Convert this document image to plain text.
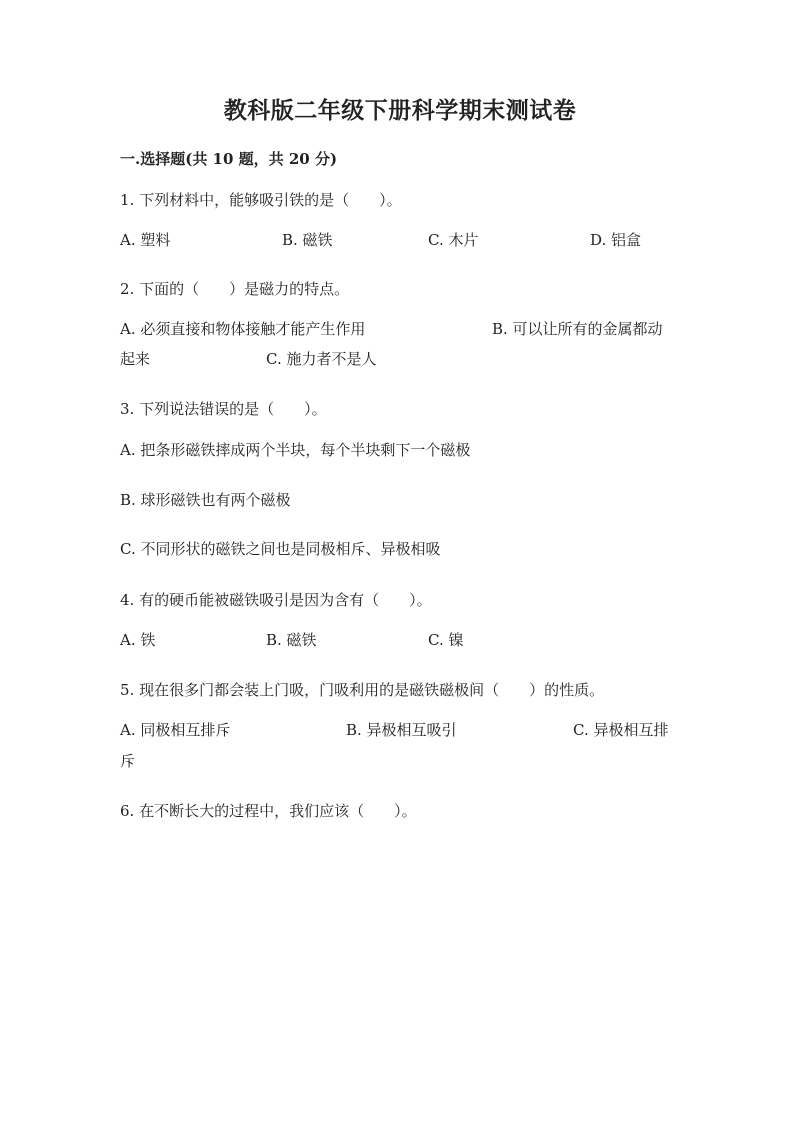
教科版二年级下册科学期末测试卷
一.选择题(共 10 题，共 20 分)
1. 下列材料中，能够吸引铁的是（　　）。
A. 塑料	B. 磁铁	C. 木片	D. 铝盒
2. 下面的（　　）是磁力的特点。
A. 必须直接和物体接触才能产生作用	B. 可以让所有的金属都动
起来	C. 施力者不是人
3. 下列说法错误的是（　　）。
A. 把条形磁铁摔成两个半块，每个半块剩下一个磁极
B. 球形磁铁也有两个磁极
C. 不同形状的磁铁之间也是同极相斥、异极相吸
4. 有的硬币能被磁铁吸引是因为含有（　　）。
A. 铁	B. 磁铁	C. 镍
5. 现在很多门都会装上门吸，门吸利用的是磁铁磁极间（　　）的性质。
A. 同极相互排斥	B. 异极相互吸引	C. 异极相互排
斥
6. 在不断长大的过程中，我们应该（　　）。
